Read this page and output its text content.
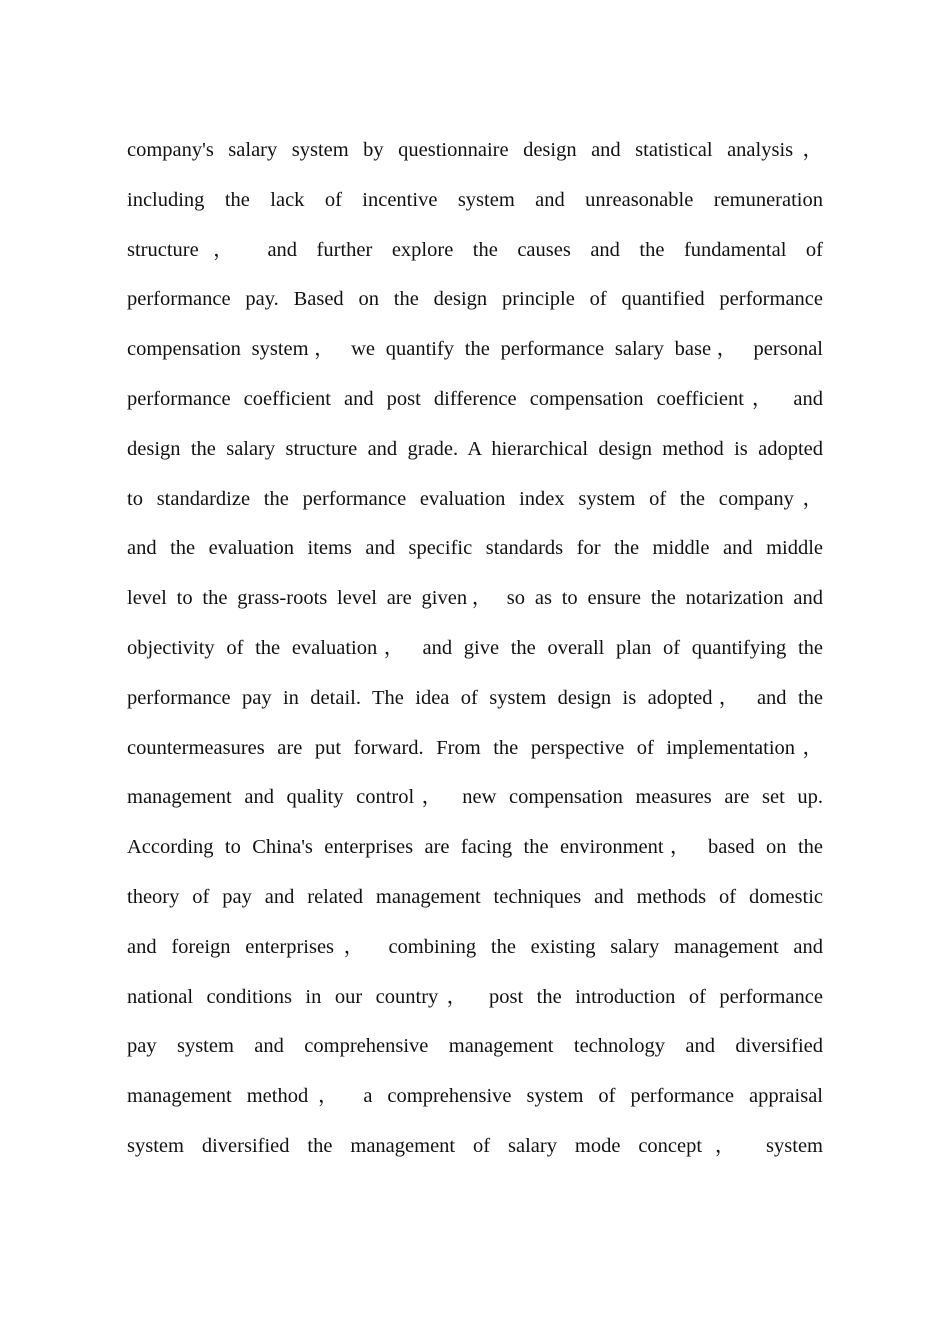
company's salary system by questionnaire design and statistical analysis，
including the lack of incentive system and unreasonable remuneration
structure， and further explore the causes and the fundamental of
performance pay. Based on the design principle of quantified performance
compensation system， we quantify the performance salary base， personal
performance coefficient and post difference compensation coefficient， and
design the salary structure and grade. A hierarchical design method is adopted
to standardize the performance evaluation index system of the company，
and the evaluation items and specific standards for the middle and middle
level to the grass-roots level are given， so as to ensure the notarization and
objectivity of the evaluation， and give the overall plan of quantifying the
performance pay in detail. The idea of system design is adopted， and the
countermeasures are put forward. From the perspective of implementation，
management and quality control， new compensation measures are set up.
According to China's enterprises are facing the environment， based on the
theory of pay and related management techniques and methods of domestic
and foreign enterprises， combining the existing salary management and
national conditions in our country， post the introduction of performance
pay system and comprehensive management technology and diversified
management method， a comprehensive system of performance appraisal
system diversified the management of salary mode concept， system
